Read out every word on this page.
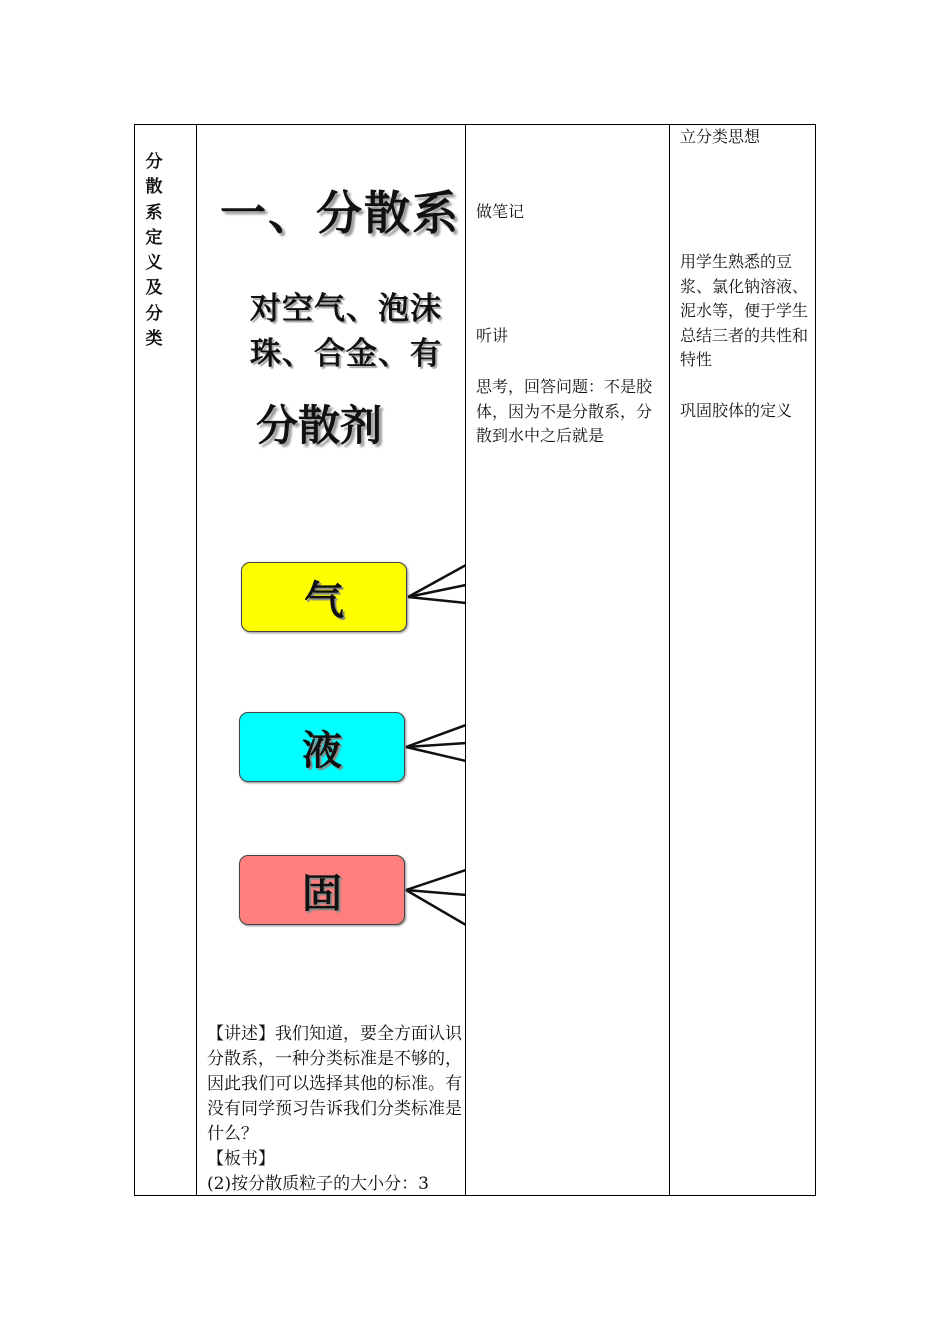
分
散
系
定
义
及
分
类
一、分散系
对空气、泡沫
珠、合金、有
分散剂
气
液
固

【讲述】我们知道，要全方面认识分散系，一种分类标准是不够的，因此我们可以选择其他的标准。有没有同学预习告诉我们分类标准是什么？

【板书】

(2)按分散质粒子的大小分：3

做笔记
听讲
思考，回答问题：不是胶体，因为不是分散系，分散到水中之后就是
立分类思想
用学生熟悉的豆浆、氯化钠溶液、泥水等，便于学生总结三者的共性和特性
巩固胶体的定义
